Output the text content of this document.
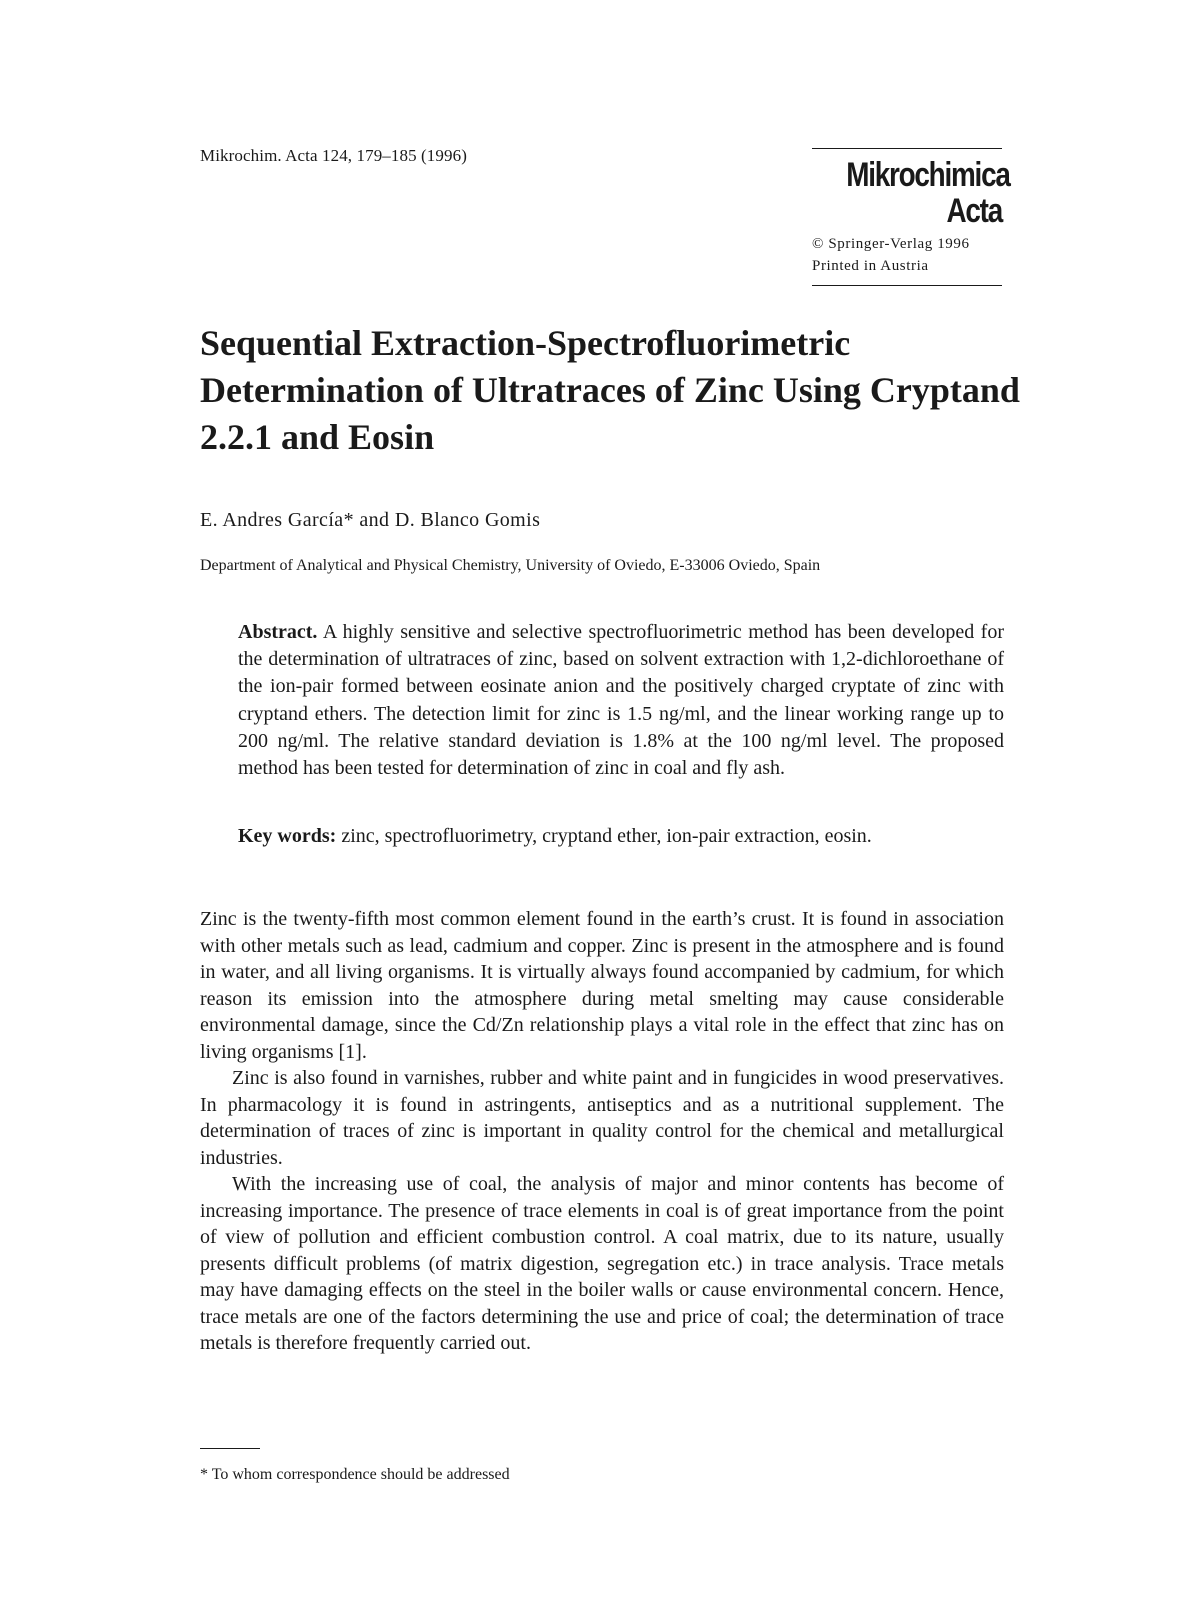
Mikrochim. Acta 124, 179–185 (1996)
Mikrochimica
Acta
© Springer-Verlag 1996
Printed in Austria
Sequential Extraction-Spectrofluorimetric Determination of Ultratraces of Zinc Using Cryptand 2.2.1 and Eosin
E. Andres García* and D. Blanco Gomis
Department of Analytical and Physical Chemistry, University of Oviedo, E-33006 Oviedo, Spain

Abstract. A highly sensitive and selective spectrofluorimetric method has been developed for the determination of ultratraces of zinc, based on solvent extraction with 1,2-dichloroethane of the ion-pair formed between eosinate anion and the positively charged cryptate of zinc with cryptand ethers. The detection limit for zinc is 1.5 ng/ml, and the linear working range up to 200 ng/ml. The relative standard deviation is 1.8% at the 100 ng/ml level. The proposed method has been tested for determination of zinc in coal and fly ash.

Key words: zinc, spectrofluorimetry, cryptand ether, ion-pair extraction, eosin.

Zinc is the twenty-fifth most common element found in the earth’s crust. It is found in association with other metals such as lead, cadmium and copper. Zinc is present in the atmosphere and is found in water, and all living organisms. It is virtually always found accompanied by cadmium, for which reason its emission into the atmosphere during metal smelting may cause considerable environmental damage, since the Cd/Zn relationship plays a vital role in the effect that zinc has on living organisms [1].

Zinc is also found in varnishes, rubber and white paint and in fungicides in wood preservatives. In pharmacology it is found in astringents, antiseptics and as a nutritional supplement. The determination of traces of zinc is important in quality control for the chemical and metallurgical industries.

With the increasing use of coal, the analysis of major and minor contents has become of increasing importance. The presence of trace elements in coal is of great importance from the point of view of pollution and efficient combustion control. A coal matrix, due to its nature, usually presents difficult problems (of matrix digestion, segregation etc.) in trace analysis. Trace metals may have damaging effects on the steel in the boiler walls or cause environmental concern. Hence, trace metals are one of the factors determining the use and price of coal; the determination of trace metals is therefore frequently carried out.

* To whom correspondence should be addressed
